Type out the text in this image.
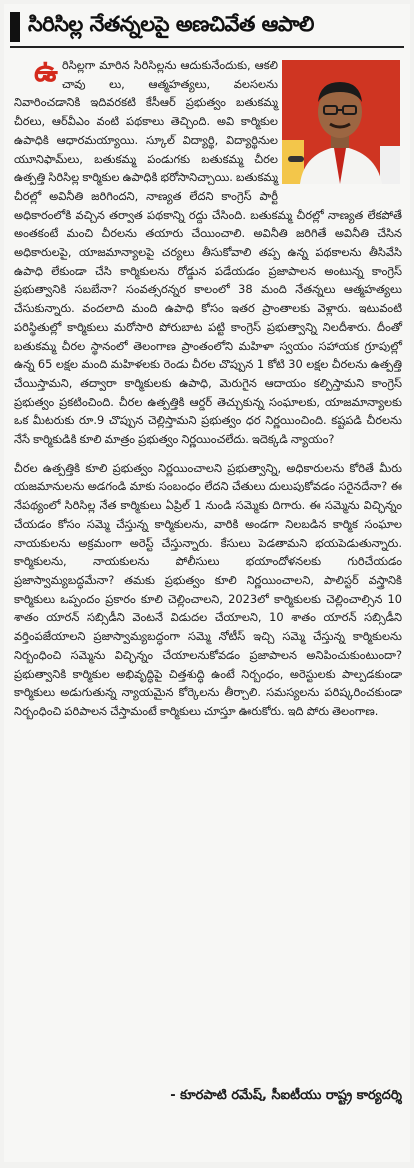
సిరిసిల్ల నేతన్నలపై అణచివేత ఆపాలి

ఉరిసిల్లగా మారిన సిరిసిల్లను ఆదుకునేందుకు, ఆకలి చావు లు, ఆత్మహత్యలు, వలసలను నివారించడానికి ఇదివరకటి కేసీఆర్ ప్రభుత్వం బతుకమ్మ చీరలు, ఆర్‌వీఎం వంటి పథకాలు తెచ్చింది. అవి కార్మికుల ఉపాధికి ఆధారమయ్యాయి. స్కూల్ విద్యార్థి, విద్యార్థినుల యూనిఫామ్‌లు, బతుకమ్మ పండుగకు బతుకమ్మ చీరల ఉత్పత్తి సిరిసిల్ల కార్మికుల ఉపాధికి భరోసానిచ్చాయి. బతుకమ్మ చీరల్లో అవినీతి జరిగిందని, నాణ్యత లేదని కాంగ్రెస్ పార్టీ అధికారంలోకి వచ్చిన తర్వాత పథకాన్ని రద్దు చేసింది. బతుకమ్మ చీరల్లో నాణ్యత లేకపోతే అంతకంటే మంచి చీరలను తయారు చేయించాలి. అవినీతి జరిగితే అవినీతి చేసిన అధికారులపై, యాజమాన్యాలపై చర్యలు తీసుకోవాలి తప్ప ఉన్న పథకాలను తీసివేసి ఉపాధి లేకుండా చేసి కార్మికులను రోడ్డున పడేయడం ప్రజాపాలన అంటున్న కాంగ్రెస్ ప్రభుత్వానికి సబబేనా? సంవత్సరన్నర కాలంలో 38 మంది నేతన్నలు ఆత్మహత్యలు చేసుకున్నారు. వందలాది మంది ఉపాధి కోసం ఇతర ప్రాంతాలకు వెళ్లారు. ఇటువంటి పరిస్థితుల్లో కార్మికులు మరోసారి పోరుబాట పట్టి కాంగ్రెస్ ప్రభుత్వాన్ని నిలదీశారు. దీంతో బతుకమ్మ చీరల స్థానంలో తెలంగాణ ప్రాంతంలోని మహిళా స్వయం సహాయక గ్రూపుల్లో ఉన్న 65 లక్షల మంది మహిళలకు రెండు చీరల చొప్పున 1 కోటి 30 లక్షల చీరలను ఉత్పత్తి చేయిస్తామని, తద్వారా కార్మికులకు ఉపాధి, మెరుగైన ఆదాయం కల్పిస్తామని కాంగ్రెస్ ప్రభుత్వం ప్రకటించింది. చీరల ఉత్పత్తికి ఆర్డర్ తెచ్చుకున్న సంఘాలకు, యాజమాన్యాలకు ఒక మీటరుకు రూ.9 చొప్పున చెల్లిస్తామని ప్రభుత్వం ధర నిర్ణయించింది. కష్టపడి చీరలను నేసే కార్మికుడికి కూలి మాత్రం ప్రభుత్వం నిర్ణయించలేదు. ఇదెక్కడి న్యాయం?

చీరల ఉత్పత్తికి కూలి ప్రభుత్వం నిర్ణయించాలని ప్రభుత్వాన్ని, అధికారులను కోరితే మీరు యజమానులను అడగండి మాకు సంబంధం లేదని చేతులు దులుపుకోవడం సరైనదేనా? ఈ నేపథ్యంలో సిరిసిల్ల నేత కార్మికులు ఏప్రిల్ 1 నుండి సమ్మెకు దిగారు. ఈ సమ్మెను విచ్ఛిన్నం చేయడం కోసం సమ్మె చేస్తున్న కార్మికులను, వారికి అండగా నిలబడిన కార్మిక సంఘాల నాయకులను అక్రమంగా అరెస్ట్ చేస్తున్నారు. కేసులు పెడతామని భయపెడుతున్నారు. కార్మికులను, నాయకులను పోలీసులు భయాందోళనలకు గురిచేయడం ప్రజాస్వామ్యబద్ధమేనా? తమకు ప్రభుత్వం కూలి నిర్ణయించాలని, పాలిస్టర్ వస్త్రానికి కార్మికులు ఒప్పందం ప్రకారం కూలి చెల్లించాలని, 2023లో కార్మికులకు చెల్లించాల్సిన 10 శాతం యారన్ సబ్సిడీని వెంటనే విడుదల చేయాలని, 10 శాతం యారన్ సబ్సిడీని వర్తింపజేయాలని ప్రజాస్వామ్యబద్ధంగా సమ్మె నోటీస్ ఇచ్చి సమ్మె చేస్తున్న కార్మికులను నిర్బంధించి సమ్మెను విచ్ఛిన్నం చేయాలనుకోవడం ప్రజాపాలన అనిపించుకుంటుందా? ప్రభుత్వానికి కార్మికుల అభివృద్ధిపై చిత్తశుద్ధి ఉంటే నిర్బంధం, అరెస్టులకు పాల్పడకుండా కార్మికులు అడుగుతున్న న్యాయమైన కోర్కెలను తీర్చాలి. సమస్యలను పరిష్కరించకుండా నిర్బంధించి పరిపాలన చేస్తామంటే కార్మికులు చూస్తూ ఊరుకోరు. ఇది పోరు తెలంగాణ.

- కూరపాటి రమేష్, సీఐటీయు రాష్ట్ర కార్యదర్శి
